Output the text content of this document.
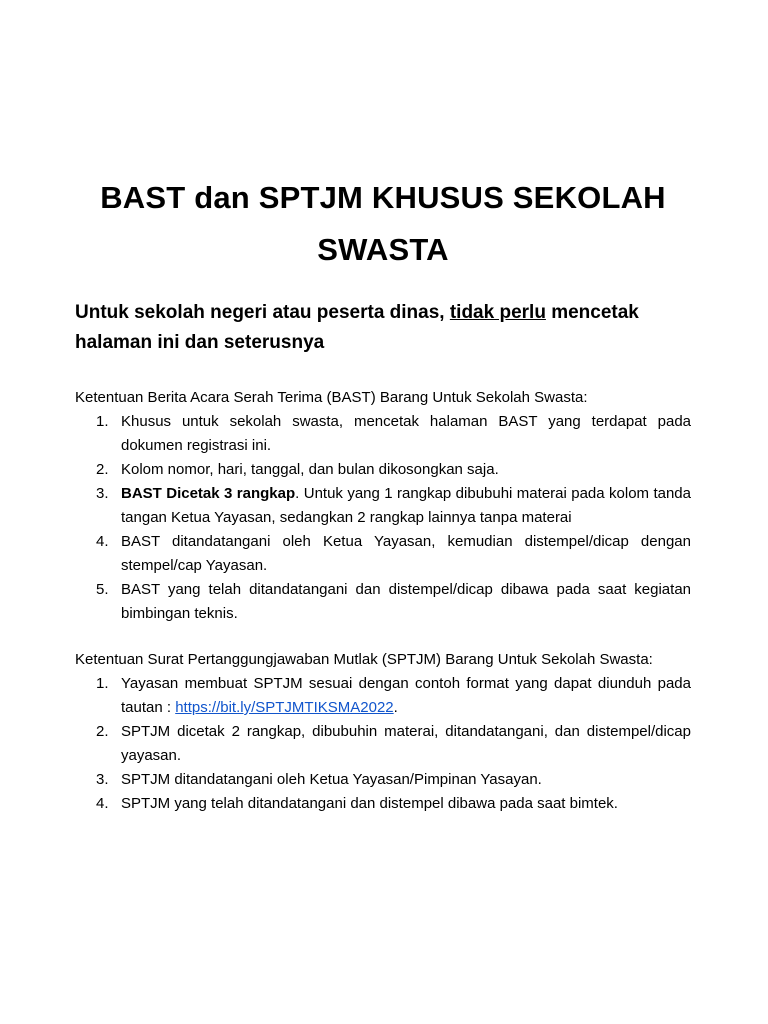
BAST dan SPTJM KHUSUS SEKOLAH SWASTA

Untuk sekolah negeri atau peserta dinas, tidak perlu mencetak halaman ini dan seterusnya

Ketentuan Berita Acara Serah Terima (BAST) Barang Untuk Sekolah Swasta:

1. Khusus untuk sekolah swasta, mencetak halaman BAST yang terdapat pada dokumen registrasi ini.
2. Kolom nomor, hari, tanggal, dan bulan dikosongkan saja.
3. BAST Dicetak 3 rangkap. Untuk yang 1 rangkap dibubuhi materai pada kolom tanda tangan Ketua Yayasan, sedangkan 2 rangkap lainnya tanpa materai
4. BAST ditandatangani oleh Ketua Yayasan, kemudian distempel/dicap dengan stempel/cap Yayasan.
5. BAST yang telah ditandatangani dan distempel/dicap dibawa pada saat kegiatan bimbingan teknis.

Ketentuan Surat Pertanggungjawaban Mutlak (SPTJM) Barang Untuk Sekolah Swasta:

1. Yayasan membuat SPTJM sesuai dengan contoh format yang dapat diunduh pada tautan : https://bit.ly/SPTJMTIKSMA2022.
2. SPTJM dicetak 2 rangkap, dibubuhin materai, ditandatangani, dan distempel/dicap yayasan.
3. SPTJM ditandatangani oleh Ketua Yayasan/Pimpinan Yasayan.
4. SPTJM yang telah ditandatangani dan distempel dibawa pada saat bimtek.
